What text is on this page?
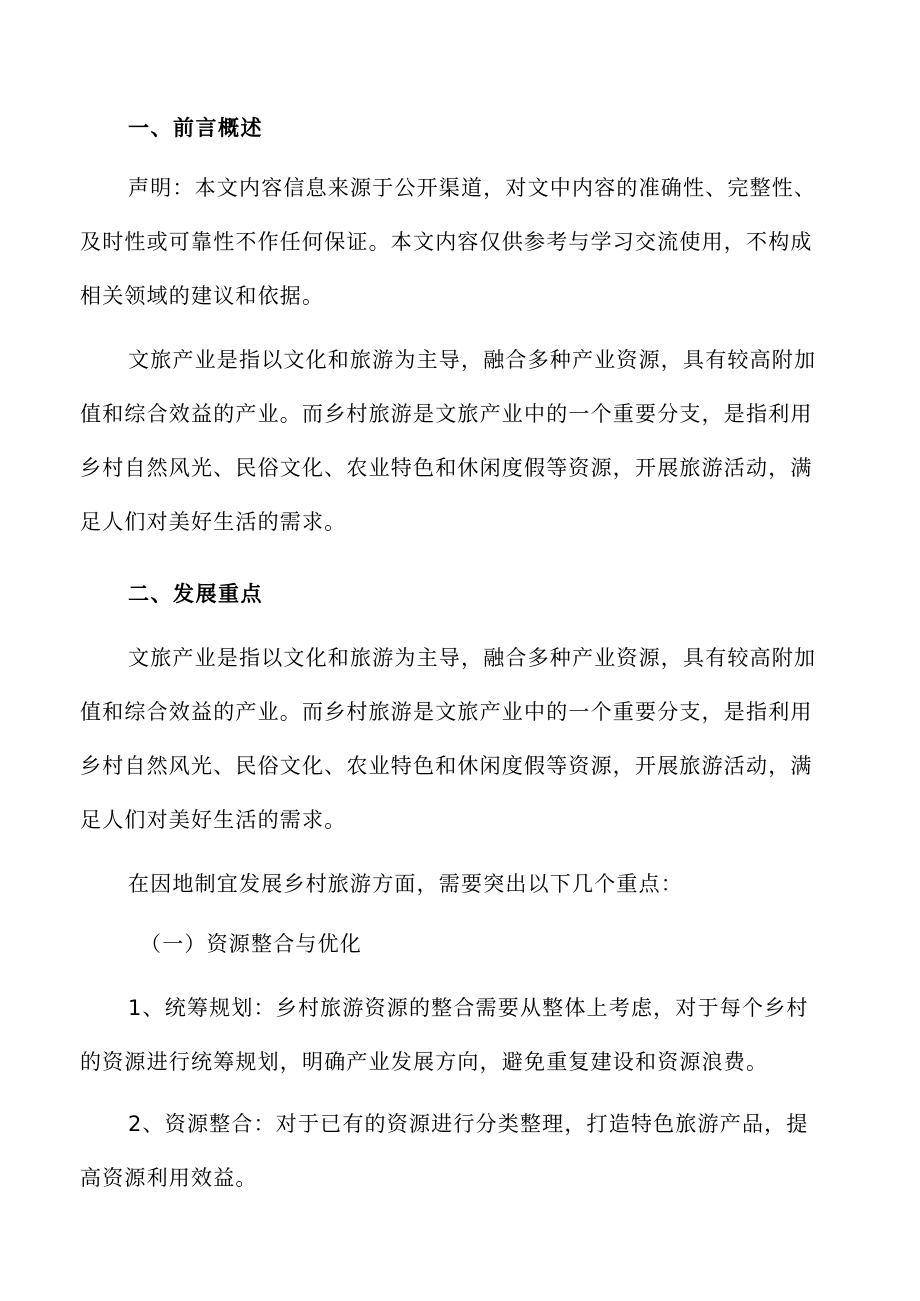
一、前言概述
声明：本文内容信息来源于公开渠道，对文中内容的准确性、完整性、
及时性或可靠性不作任何保证。本文内容仅供参考与学习交流使用，不构成
相关领域的建议和依据。
文旅产业是指以文化和旅游为主导，融合多种产业资源，具有较高附加
值和综合效益的产业。而乡村旅游是文旅产业中的一个重要分支，是指利用
乡村自然风光、民俗文化、农业特色和休闲度假等资源，开展旅游活动，满
足人们对美好生活的需求。
二、发展重点
文旅产业是指以文化和旅游为主导，融合多种产业资源，具有较高附加
值和综合效益的产业。而乡村旅游是文旅产业中的一个重要分支，是指利用
乡村自然风光、民俗文化、农业特色和休闲度假等资源，开展旅游活动，满
足人们对美好生活的需求。
在因地制宜发展乡村旅游方面，需要突出以下几个重点：
（一）资源整合与优化
1、统筹规划：乡村旅游资源的整合需要从整体上考虑，对于每个乡村
的资源进行统筹规划，明确产业发展方向，避免重复建设和资源浪费。
2、资源整合：对于已有的资源进行分类整理，打造特色旅游产品，提
高资源利用效益。
